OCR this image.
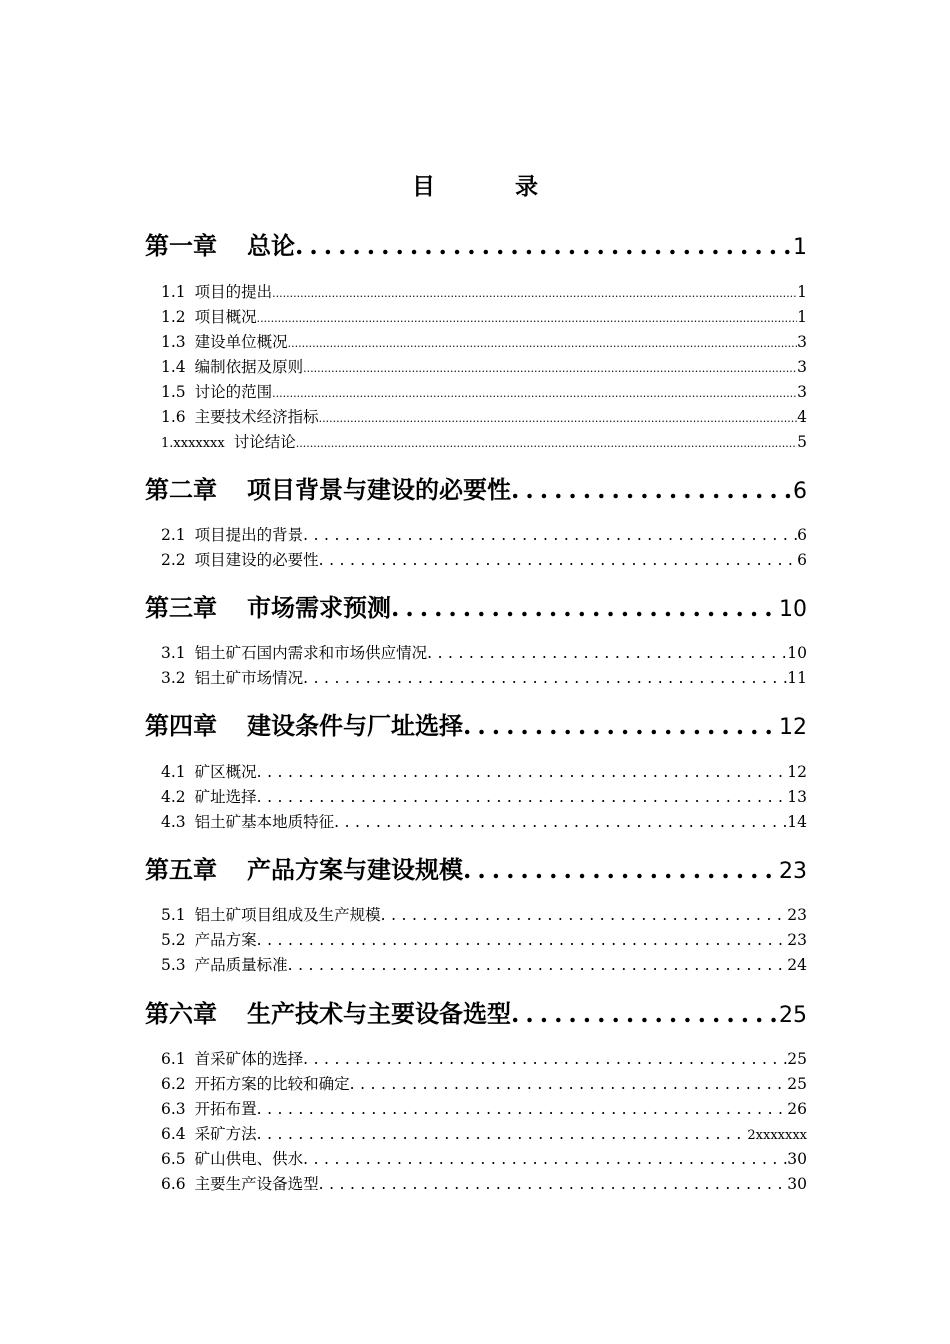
目 录
第一章 总论 .....	1
1.1 项目的提出 .....	1
1.2 项目概况 .....	1
1.3 建设单位概况 .....	3
1.4 编制依据及原则 .....	3
1.5 讨论的范围 .....	3
1.6 主要技术经济指标 .....	4
1.xxxxxxx 讨论结论 .....	5
第二章 项目背景与建设的必要性 .....	6
2.1 项目提出的背景 .....	6
2.2 项目建设的必要性 .....	6
第三章 市场需求预测 .....	10
3.1 铝土矿石国内需求和市场供应情况 .....	10
3.2 铝土矿市场情况 .....	11
第四章 建设条件与厂址选择 .....	12
4.1 矿区概况 .....	12
4.2 矿址选择 .....	13
4.3 铝土矿基本地质特征 .....	14
第五章 产品方案与建设规模 .....	23
5.1 铝土矿项目组成及生产规模 .....	23
5.2 产品方案 .....	23
5.3 产品质量标准 .....	24
第六章 生产技术与主要设备选型 .....	25
6.1 首采矿体的选择 .....	25
6.2 开拓方案的比较和确定 .....	25
6.3 开拓布置 .....	26
6.4 采矿方法 .....	2xxxxxxx
6.5 矿山供电、供水 .....	30
6.6 主要生产设备选型 .....	30
